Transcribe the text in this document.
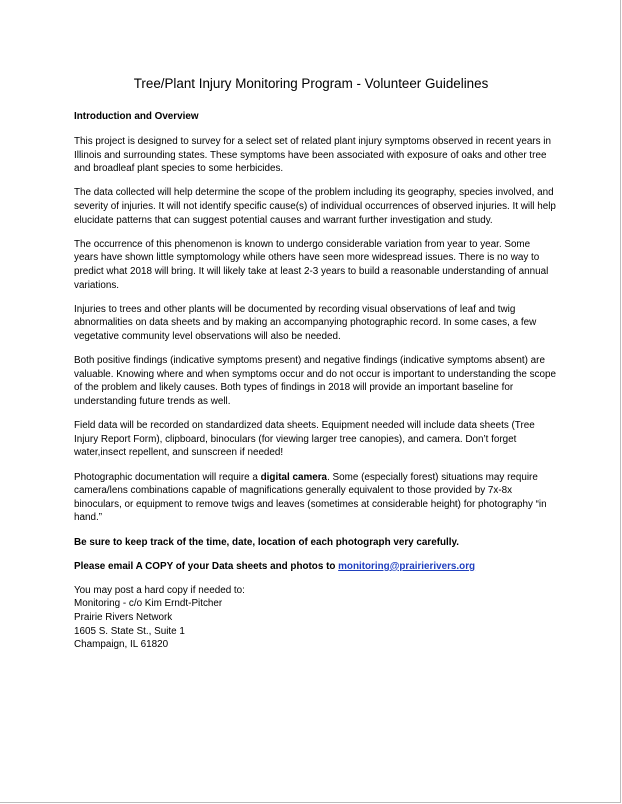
Tree/Plant Injury Monitoring Program - Volunteer Guidelines

Introduction and Overview

This project is designed to survey for a select set of related plant injury symptoms observed in recent years in Illinois and surrounding states. These symptoms have been associated with exposure of oaks and other tree and broadleaf plant species to some herbicides.

The data collected will help determine the scope of the problem including its geography, species involved, and severity of injuries. It will not identify specific cause(s) of individual occurrences of observed injuries. It will help elucidate patterns that can suggest potential causes and warrant further investigation and study.

The occurrence of this phenomenon is known to undergo considerable variation from year to year. Some years have shown little symptomology while others have seen more widespread issues. There is no way to predict what 2018 will bring. It will likely take at least 2-3 years to build a reasonable understanding of annual variations.

Injuries to trees and other plants will be documented by recording visual observations of leaf and twig abnormalities on data sheets and by making an accompanying photographic record. In some cases, a few vegetative community level observations will also be needed.

Both positive findings (indicative symptoms present) and negative findings (indicative symptoms absent) are valuable. Knowing where and when symptoms occur and do not occur is important to understanding the scope of the problem and likely causes. Both types of findings in 2018 will provide an important baseline for understanding future trends as well.

Field data will be recorded on standardized data sheets. Equipment needed will include data sheets (Tree Injury Report Form), clipboard, binoculars (for viewing larger tree canopies), and camera. Don’t forget water,insect repellent, and sunscreen if needed!

Photographic documentation will require a digital camera. Some (especially forest) situations may require camera/lens combinations capable of magnifications generally equivalent to those provided by 7x-8x binoculars, or equipment to remove twigs and leaves (sometimes at considerable height) for photography “in hand.”

Be sure to keep track of the time, date, location of each photograph very carefully.

Please email A COPY of your Data sheets and photos to monitoring@prairierivers.org

You may post a hard copy if needed to:
Monitoring - c/o Kim Erndt-Pitcher
Prairie Rivers Network
1605 S. State St., Suite 1
Champaign, IL 61820
